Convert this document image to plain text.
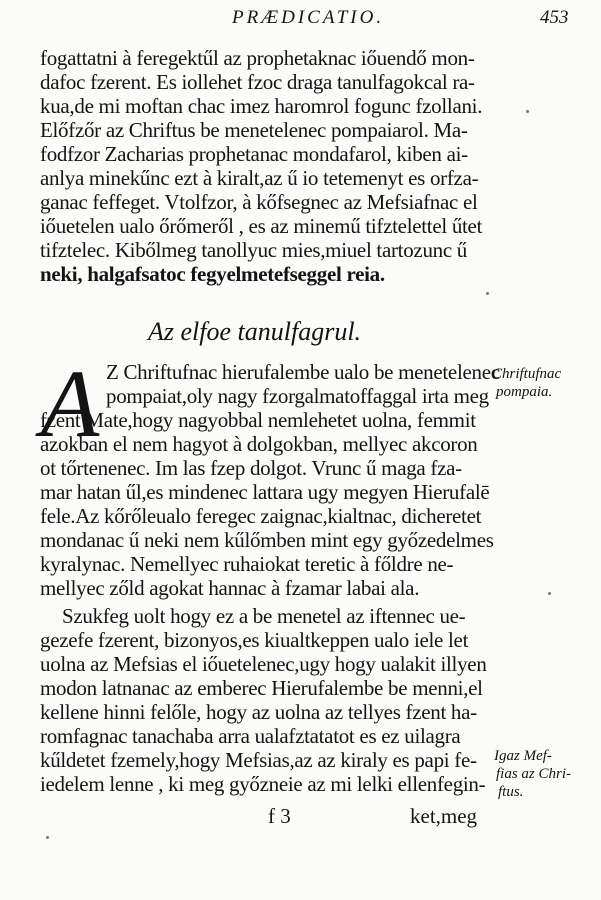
PRÆDICATIO.	453
fogattatni à feregektűl az prophetaknac iőuendő mon-
dafoc fzerent. Es iollehet fzoc draga tanulfagokcal ra-
kua,de mi moftan chac imez haromrol fogunc fzollani.
Előfzőr az Chriftus be menetelenec pompaiarol. Ma-
fodfzor Zacharias prophetanac mondafarol, kiben ai-
anlya minekűnc ezt à kiralt,az ű io tetemenyt es orfza-
ganac feffeget. Vtolfzor, à kőfsegnec az Mefsiafnac el
iőuetelen ualo őrőmeről , es az minemű tifztelettel űtet
tifztelec. Kibőlmeg tanollyuc mies,miuel tartozunc ű
neki, halgafsatoc fegyelmetefseggel reia.
Az elfoe tanulfagrul.
A Z Chriftufnac hierufalembe ualo be menetelenec
pompaiat,oly nagy fzorgalmatoffaggal irta meg
fzent Mate,hogy nagyobbal nemlehetet uolna, femmit
azokban el nem hagyot à dolgokban, mellyec akcoron
ot tőrtenenec. Im las fzep dolgot. Vrunc ű maga fza-
mar hatan űl,es mindenec lattara ugy megyen Hierufalē
fele.Az kőrőleualo feregec zaignac,kialtnac, dicheretet
mondanac ű neki nem kűlőmben mint egy győzedelmes
kyralynac. Nemellyec ruhaiokat teretic à főldre ne-
mellyec zőld agokat hannac à fzamar labai ala.
Szukfeg uolt hogy ez a be menetel az iftennec ue-
gezefe fzerent, bizonyos,es kiualtkeppen ualo iele let
uolna az Mefsias el iőuetelenec,ugy hogy ualakit illyen
modon latnanac az emberec Hierufalembe be menni,el
kellene hinni felőle, hogy az uolna az tellyes fzent ha-
romfagnac tanachaba arra ualafztatatot es ez uilagra
kűldetet fzemely,hogy Mefsias,az az kiraly es papi fe-
iedelem lenne , ki meg győzneie az mi lelki ellenfegin-
Chriftufnac
pompaia.
Igaz Mef-
fias az Chri-
ftus.
f 3	ket,meg
